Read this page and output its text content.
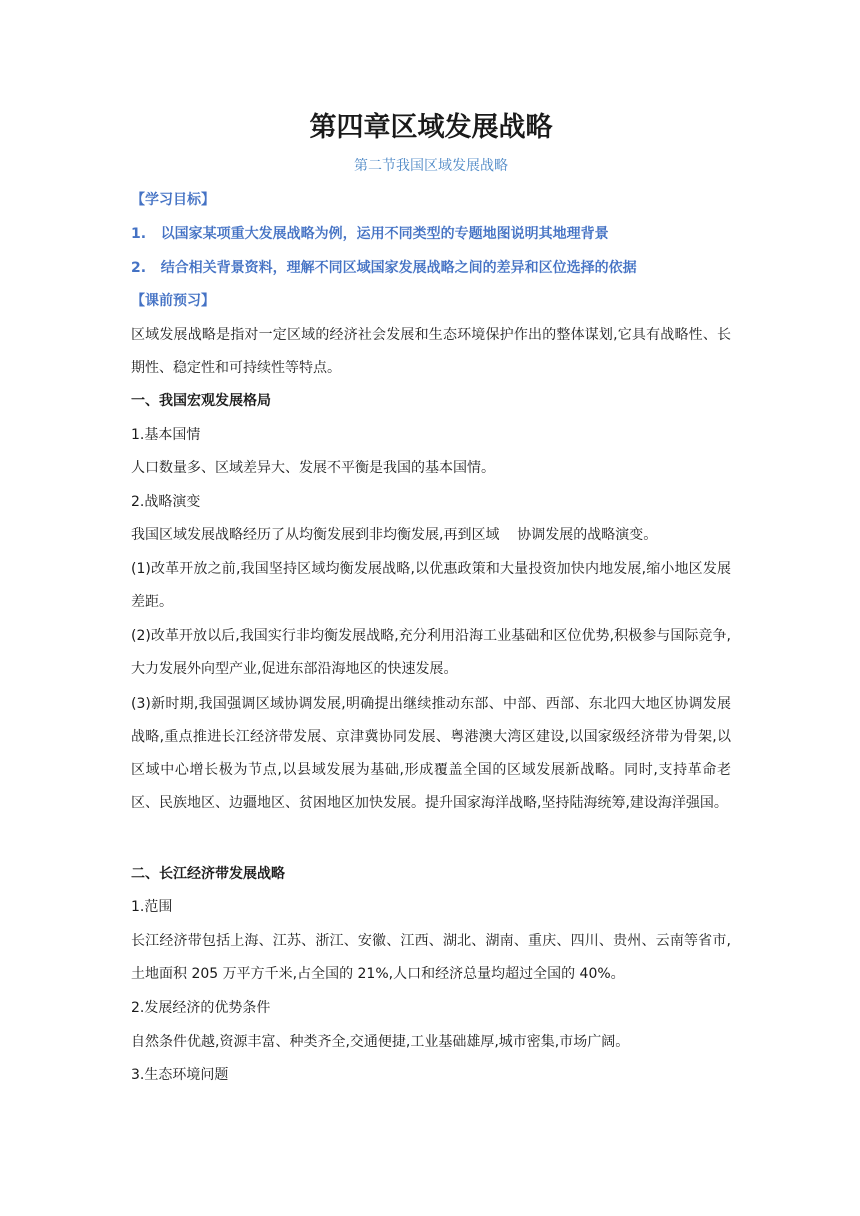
第四章区域发展战略
第二节我国区域发展战略
【学习目标】
1. 以国家某项重大发展战略为例，运用不同类型的专题地图说明其地理背景
2. 结合相关背景资料，理解不同区域国家发展战略之间的差异和区位选择的依据
【课前预习】
区域发展战略是指对一定区域的经济社会发展和生态环境保护作出的整体谋划,它具有战略性、长期性、稳定性和可持续性等特点。
一、我国宏观发展格局
1.基本国情
人口数量多、区域差异大、发展不平衡是我国的基本国情。
2.战略演变
我国区域发展战略经历了从均衡发展到非均衡发展,再到区域    协调发展的战略演变。
(1)改革开放之前,我国坚持区域均衡发展战略,以优惠政策和大量投资加快内地发展,缩小地区发展差距。
(2)改革开放以后,我国实行非均衡发展战略,充分利用沿海工业基础和区位优势,积极参与国际竞争,大力发展外向型产业,促进东部沿海地区的快速发展。
(3)新时期,我国强调区域协调发展,明确提出继续推动东部、中部、西部、东北四大地区协调发展战略,重点推进长江经济带发展、京津冀协同发展、粤港澳大湾区建设,以国家级经济带为骨架,以区域中心增长极为节点,以县域发展为基础,形成覆盖全国的区域发展新战略。同时,支持革命老区、民族地区、边疆地区、贫困地区加快发展。提升国家海洋战略,坚持陆海统筹,建设海洋强国。
二、长江经济带发展战略
1.范围
长江经济带包括上海、江苏、浙江、安徽、江西、湖北、湖南、重庆、四川、贵州、云南等省市,土地面积 205 万平方千米,占全国的 21%,人口和经济总量均超过全国的 40%。
2.发展经济的优势条件
自然条件优越,资源丰富、种类齐全,交通便捷,工业基础雄厚,城市密集,市场广阔。
3.生态环境问题
